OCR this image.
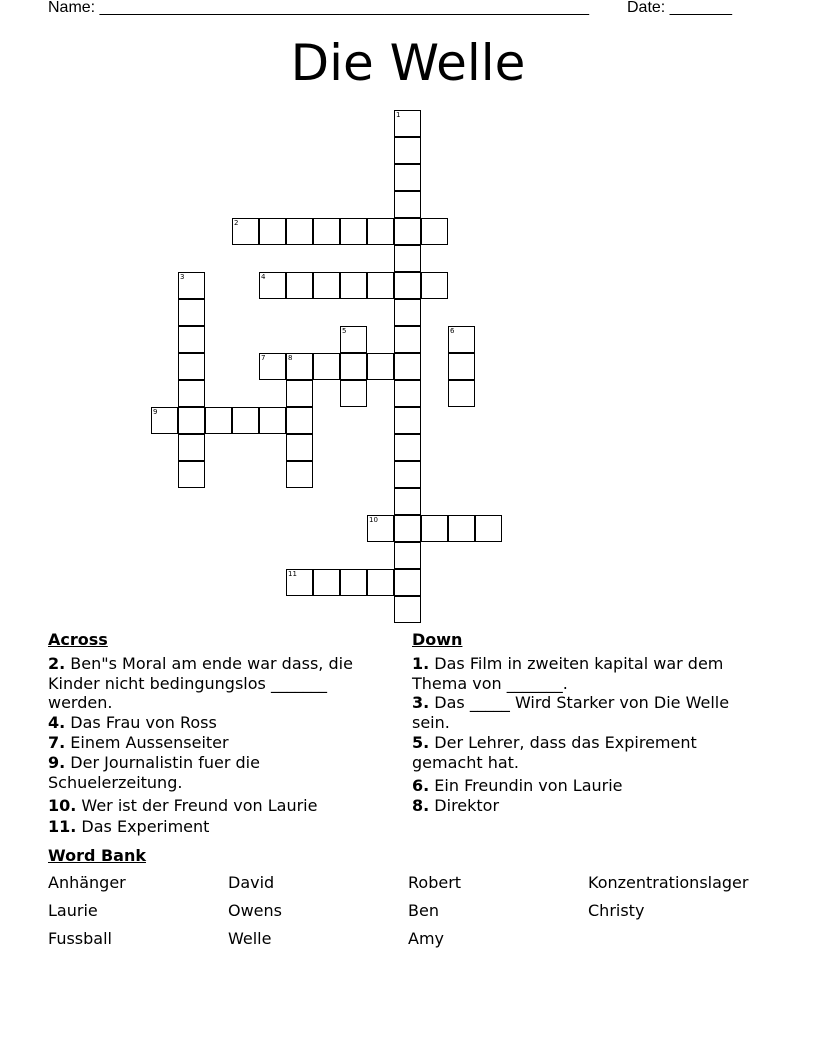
Name: _______________________________________________________ Date: _______
Die Welle
1
2
3	4
5	6
7	8
9
10
11
Across
2. Ben"s Moral am ende war dass, die Kinder nicht bedingungslos _______ werden.
4. Das Frau von Ross
7. Einem Aussenseiter
9. Der Journalistin fuer die Schuelerzeitung.
10. Wer ist der Freund von Laurie
11. Das Experiment
Down
1. Das Film in zweiten kapital war dem Thema von _______.
3. Das _____ Wird Starker von Die Welle sein.
5. Der Lehrer, dass das Expirement gemacht hat.
6. Ein Freundin von Laurie
8. Direktor
Word Bank
Anhänger	David	Robert	Konzentrationslager
Laurie	Owens	Ben	Christy
Fussball	Welle	Amy
